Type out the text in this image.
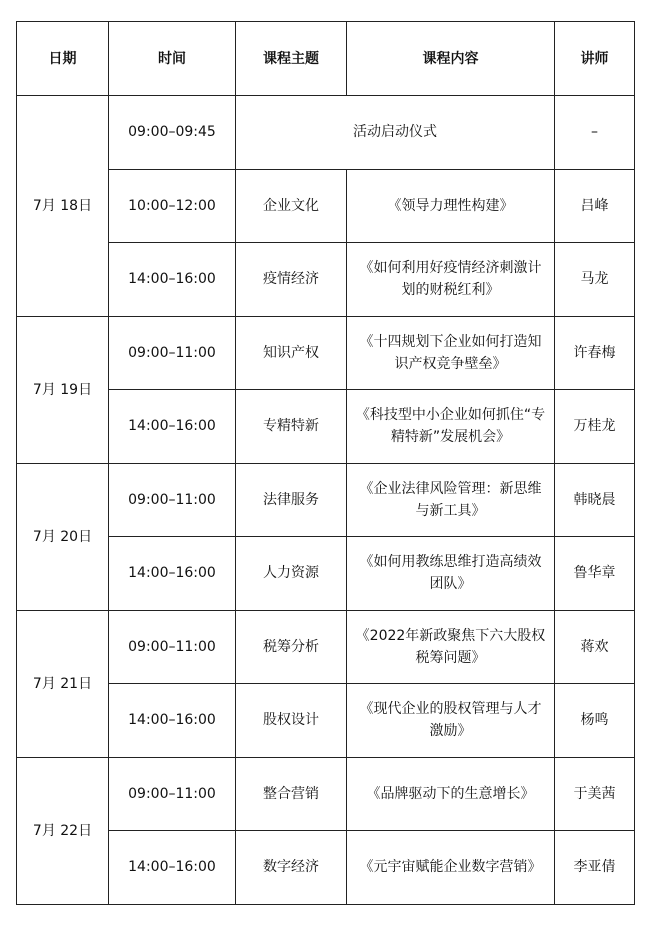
日期	时间	课程主题	课程内容	讲师
7月 18日	09:00–09:45	活动启动仪式		–
	10:00–12:00	企业文化	《领导力理性构建》	吕峰
	14:00–16:00	疫情经济	《如何利用好疫情经济刺激计划的财税红利》	马龙
7月 19日	09:00–11:00	知识产权	《十四规划下企业如何打造知识产权竞争壁垒》	许春梅
	14:00–16:00	专精特新	《科技型中小企业如何抓住“专精特新”发展机会》	万桂龙
7月 20日	09:00–11:00	法律服务	《企业法律风险管理：新思维与新工具》	韩晓晨
	14:00–16:00	人力资源	《如何用教练思维打造高绩效团队》	鲁华章
7月 21日	09:00–11:00	税筹分析	《2022年新政聚焦下六大股权税筹问题》	蒋欢
	14:00–16:00	股权设计	《现代企业的股权管理与人才激励》	杨鸣
7月 22日	09:00–11:00	整合营销	《品牌驱动下的生意增长》	于美茜
	14:00–16:00	数字经济	《元宇宙赋能企业数字营销》	李亚倩
